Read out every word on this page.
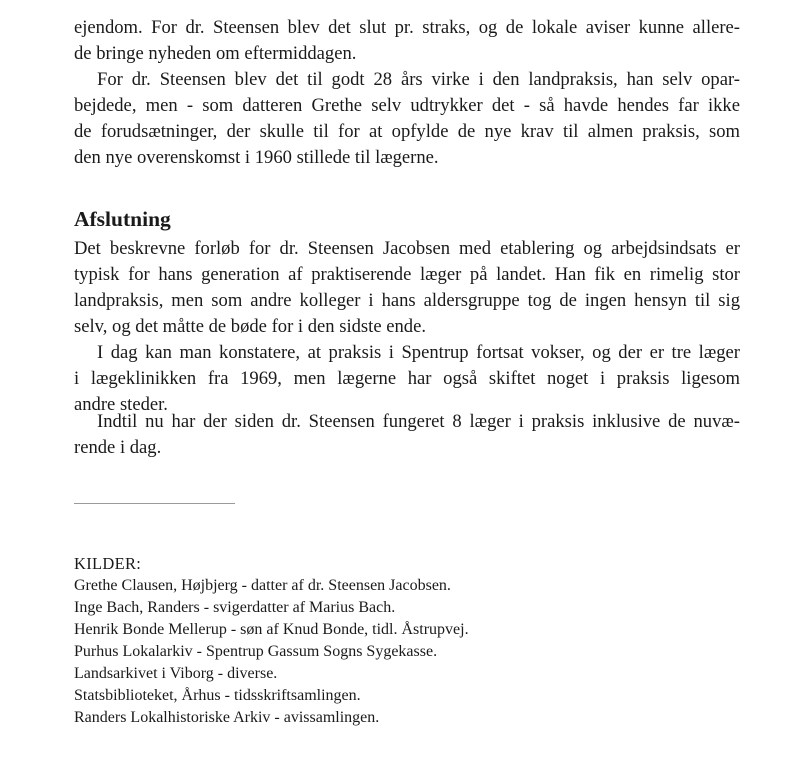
ejendom. For dr. Steensen blev det slut pr. straks, og de lokale aviser kunne allere-
de bringe nyheden om eftermiddagen.

For dr. Steensen blev det til godt 28 års virke i den landpraksis, han selv opar-
bejdede, men - som datteren Grethe selv udtrykker det - så havde hendes far ikke
de forudsætninger, der skulle til for at opfylde de nye krav til almen praksis, som
den nye overenskomst i 1960 stillede til lægerne.

Afslutning

Det beskrevne forløb for dr. Steensen Jacobsen med etablering og arbejdsindsats er
typisk for hans generation af praktiserende læger på landet. Han fik en rimelig stor
landpraksis, men som andre kolleger i hans aldersgruppe tog de ingen hensyn til sig
selv, og det måtte de bøde for i den sidste ende.

I dag kan man konstatere, at praksis i Spentrup fortsat vokser, og der er tre læger
i lægeklinikken fra 1969, men lægerne har også skiftet noget i praksis ligesom
andre steder.

Indtil nu har der siden dr. Steensen fungeret 8 læger i praksis inklusive de nuvæ-
rende i dag.

KILDER:
Grethe Clausen, Højbjerg - datter af dr. Steensen Jacobsen.
Inge Bach, Randers - svigerdatter af Marius Bach.
Henrik Bonde Mellerup - søn af Knud Bonde, tidl. Åstrupvej.
Purhus Lokalarkiv - Spentrup Gassum Sogns Sygekasse.
Landsarkivet i Viborg - diverse.
Statsbiblioteket, Århus - tidsskriftsamlingen.
Randers Lokalhistoriske Arkiv - avissamlingen.
